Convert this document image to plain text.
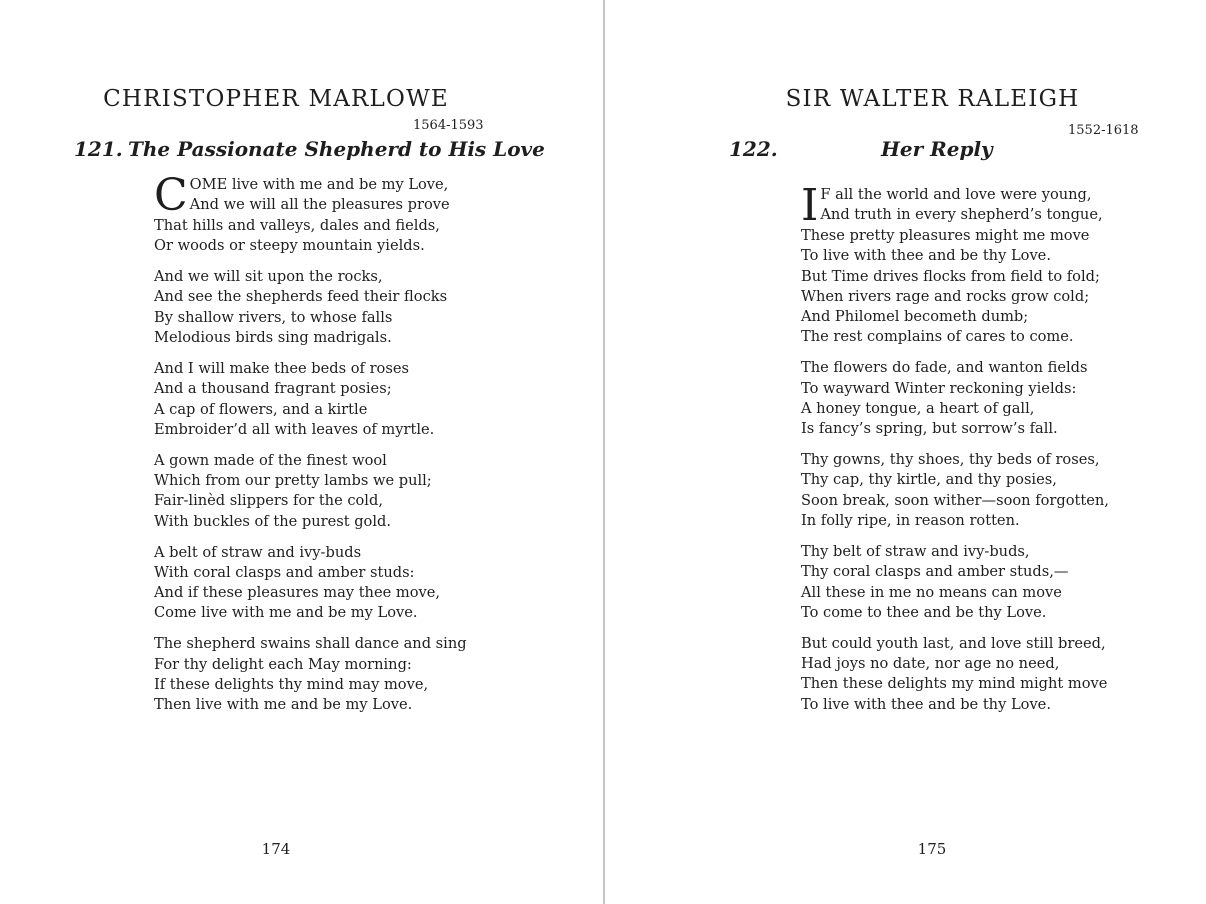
CHRISTOPHER MARLOWE

1564-1593

121. The Passionate Shepherd to His Love
C OME live with me and be my Love,
And we will all the pleasures prove
That hills and valleys, dales and fields,
Or woods or steepy mountain yields.
And we will sit upon the rocks,
And see the shepherds feed their flocks
By shallow rivers, to whose falls
Melodious birds sing madrigals.
And I will make thee beds of roses
And a thousand fragrant posies;
A cap of flowers, and a kirtle
Embroider’d all with leaves of myrtle.
A gown made of the finest wool
Which from our pretty lambs we pull;
Fair-linèd slippers for the cold,
With buckles of the purest gold.
A belt of straw and ivy-buds
With coral clasps and amber studs:
And if these pleasures may thee move,
Come live with me and be my Love.
The shepherd swains shall dance and sing
For thy delight each May morning:
If these delights thy mind may move,
Then live with me and be my Love.
174
SIR WALTER RALEIGH

1552-1618

122.	Her Reply
I F all the world and love were young,
And truth in every shepherd’s tongue,
These pretty pleasures might me move
To live with thee and be thy Love.
But Time drives flocks from field to fold;
When rivers rage and rocks grow cold;
And Philomel becometh dumb;
The rest complains of cares to come.
The flowers do fade, and wanton fields
To wayward Winter reckoning yields:
A honey tongue, a heart of gall,
Is fancy’s spring, but sorrow’s fall.
Thy gowns, thy shoes, thy beds of roses,
Thy cap, thy kirtle, and thy posies,
Soon break, soon wither—soon forgotten,
In folly ripe, in reason rotten.
Thy belt of straw and ivy-buds,
Thy coral clasps and amber studs,—
All these in me no means can move
To come to thee and be thy Love.
But could youth last, and love still breed,
Had joys no date, nor age no need,
Then these delights my mind might move
To live with thee and be thy Love.
175
